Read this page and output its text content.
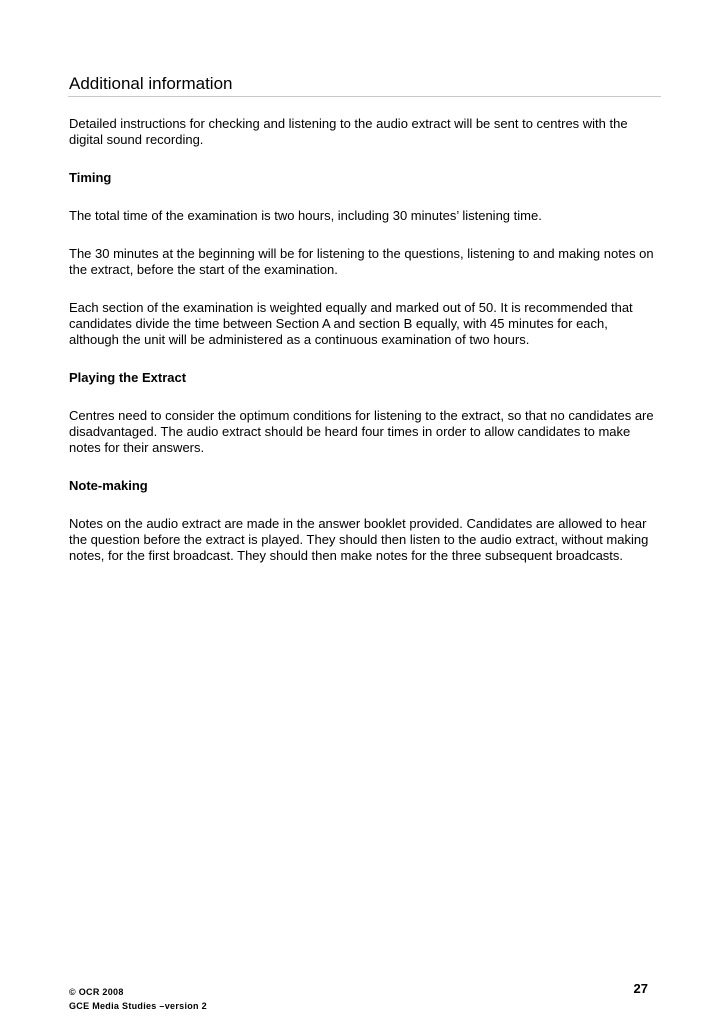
Additional information

Detailed instructions for checking and listening to the audio extract will be sent to centres with the digital sound recording.

Timing

The total time of the examination is two hours, including 30 minutes’ listening time.

The 30 minutes at the beginning will be for listening to the questions, listening to and making notes on the extract, before the start of the examination.

Each section of the examination is weighted equally and marked out of 50. It is recommended that candidates divide the time between Section A and section B equally, with 45 minutes for each, although the unit will be administered as a continuous examination of two hours.

Playing the Extract

Centres need to consider the optimum conditions for listening to the extract, so that no candidates are disadvantaged. The audio extract should be heard four times in order to allow candidates to make notes for their answers.

Note-making

Notes on the audio extract are made in the answer booklet provided. Candidates are allowed to hear the question before the extract is played. They should then listen to the audio extract, without making notes, for the first broadcast. They should then make notes for the three subsequent broadcasts.

© OCR 2008
GCE Media Studies –version 2
27
